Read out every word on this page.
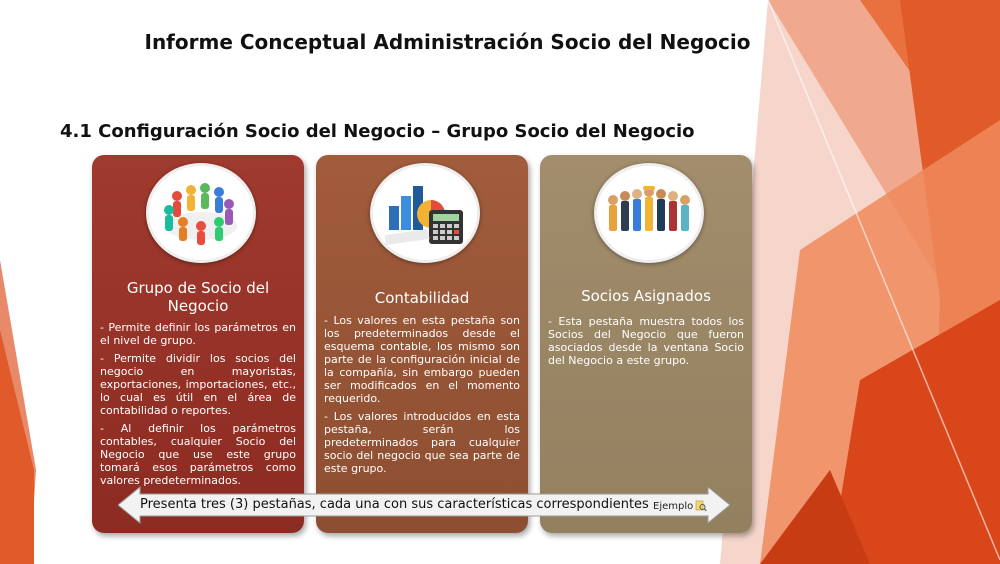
Informe Conceptual Administración Socio del Negocio
4.1 Configuración Socio del Negocio – Grupo Socio del Negocio
Grupo de Socio del Negocio

- Permite definir los parámetros en el nivel de grupo.

- Permite dividir los socios del negocio en mayoristas, exportaciones, importaciones, etc., lo cual es útil en el área de contabilidad o reportes.

- Al definir los parámetros contables, cualquier Socio del Negocio que use este grupo tomará esos parámetros como valores predeterminados.

Contabilidad

- Los valores en esta pestaña son los predeterminados desde el esquema contable, los mismo son parte de la configuración inicial de la compañía, sin embargo pueden ser modificados en el momento requerido.

- Los valores introducidos en esta pestaña, serán los predeterminados para cualquier socio del negocio que sea parte de este grupo.

Socios Asignados

- Esta pestaña muestra todos los Socios del Negocio que fueron asociados desde la ventana Socio del Negocio a este grupo.

Presenta tres (3) pestañas, cada una con sus características correspondientes Ejemplo
